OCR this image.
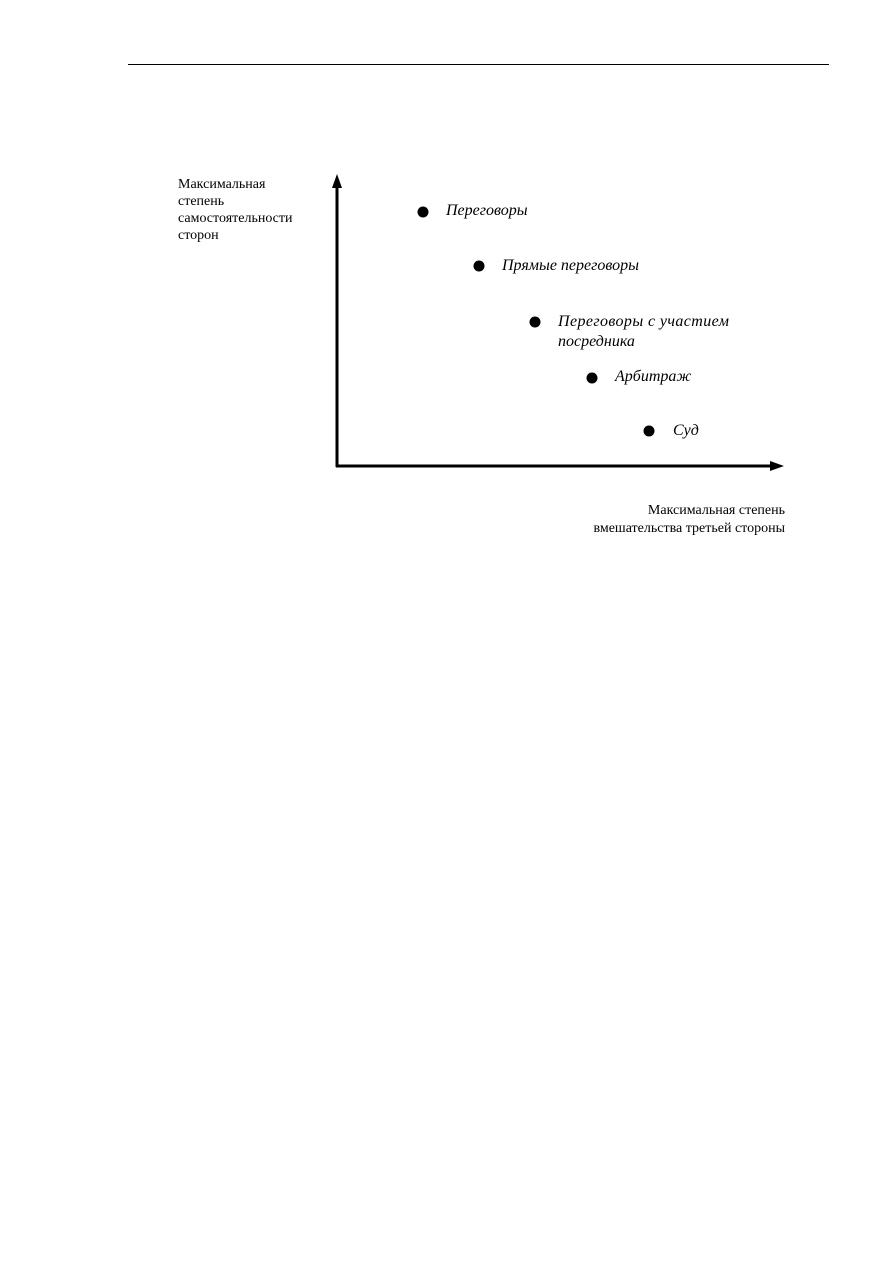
Максимальная
степень
самостоятельности
сторон
Переговоры
Прямые переговоры
Переговоры с участием
посредника
Арбитраж
Суд
Максимальная степень
вмешательства третьей стороны
